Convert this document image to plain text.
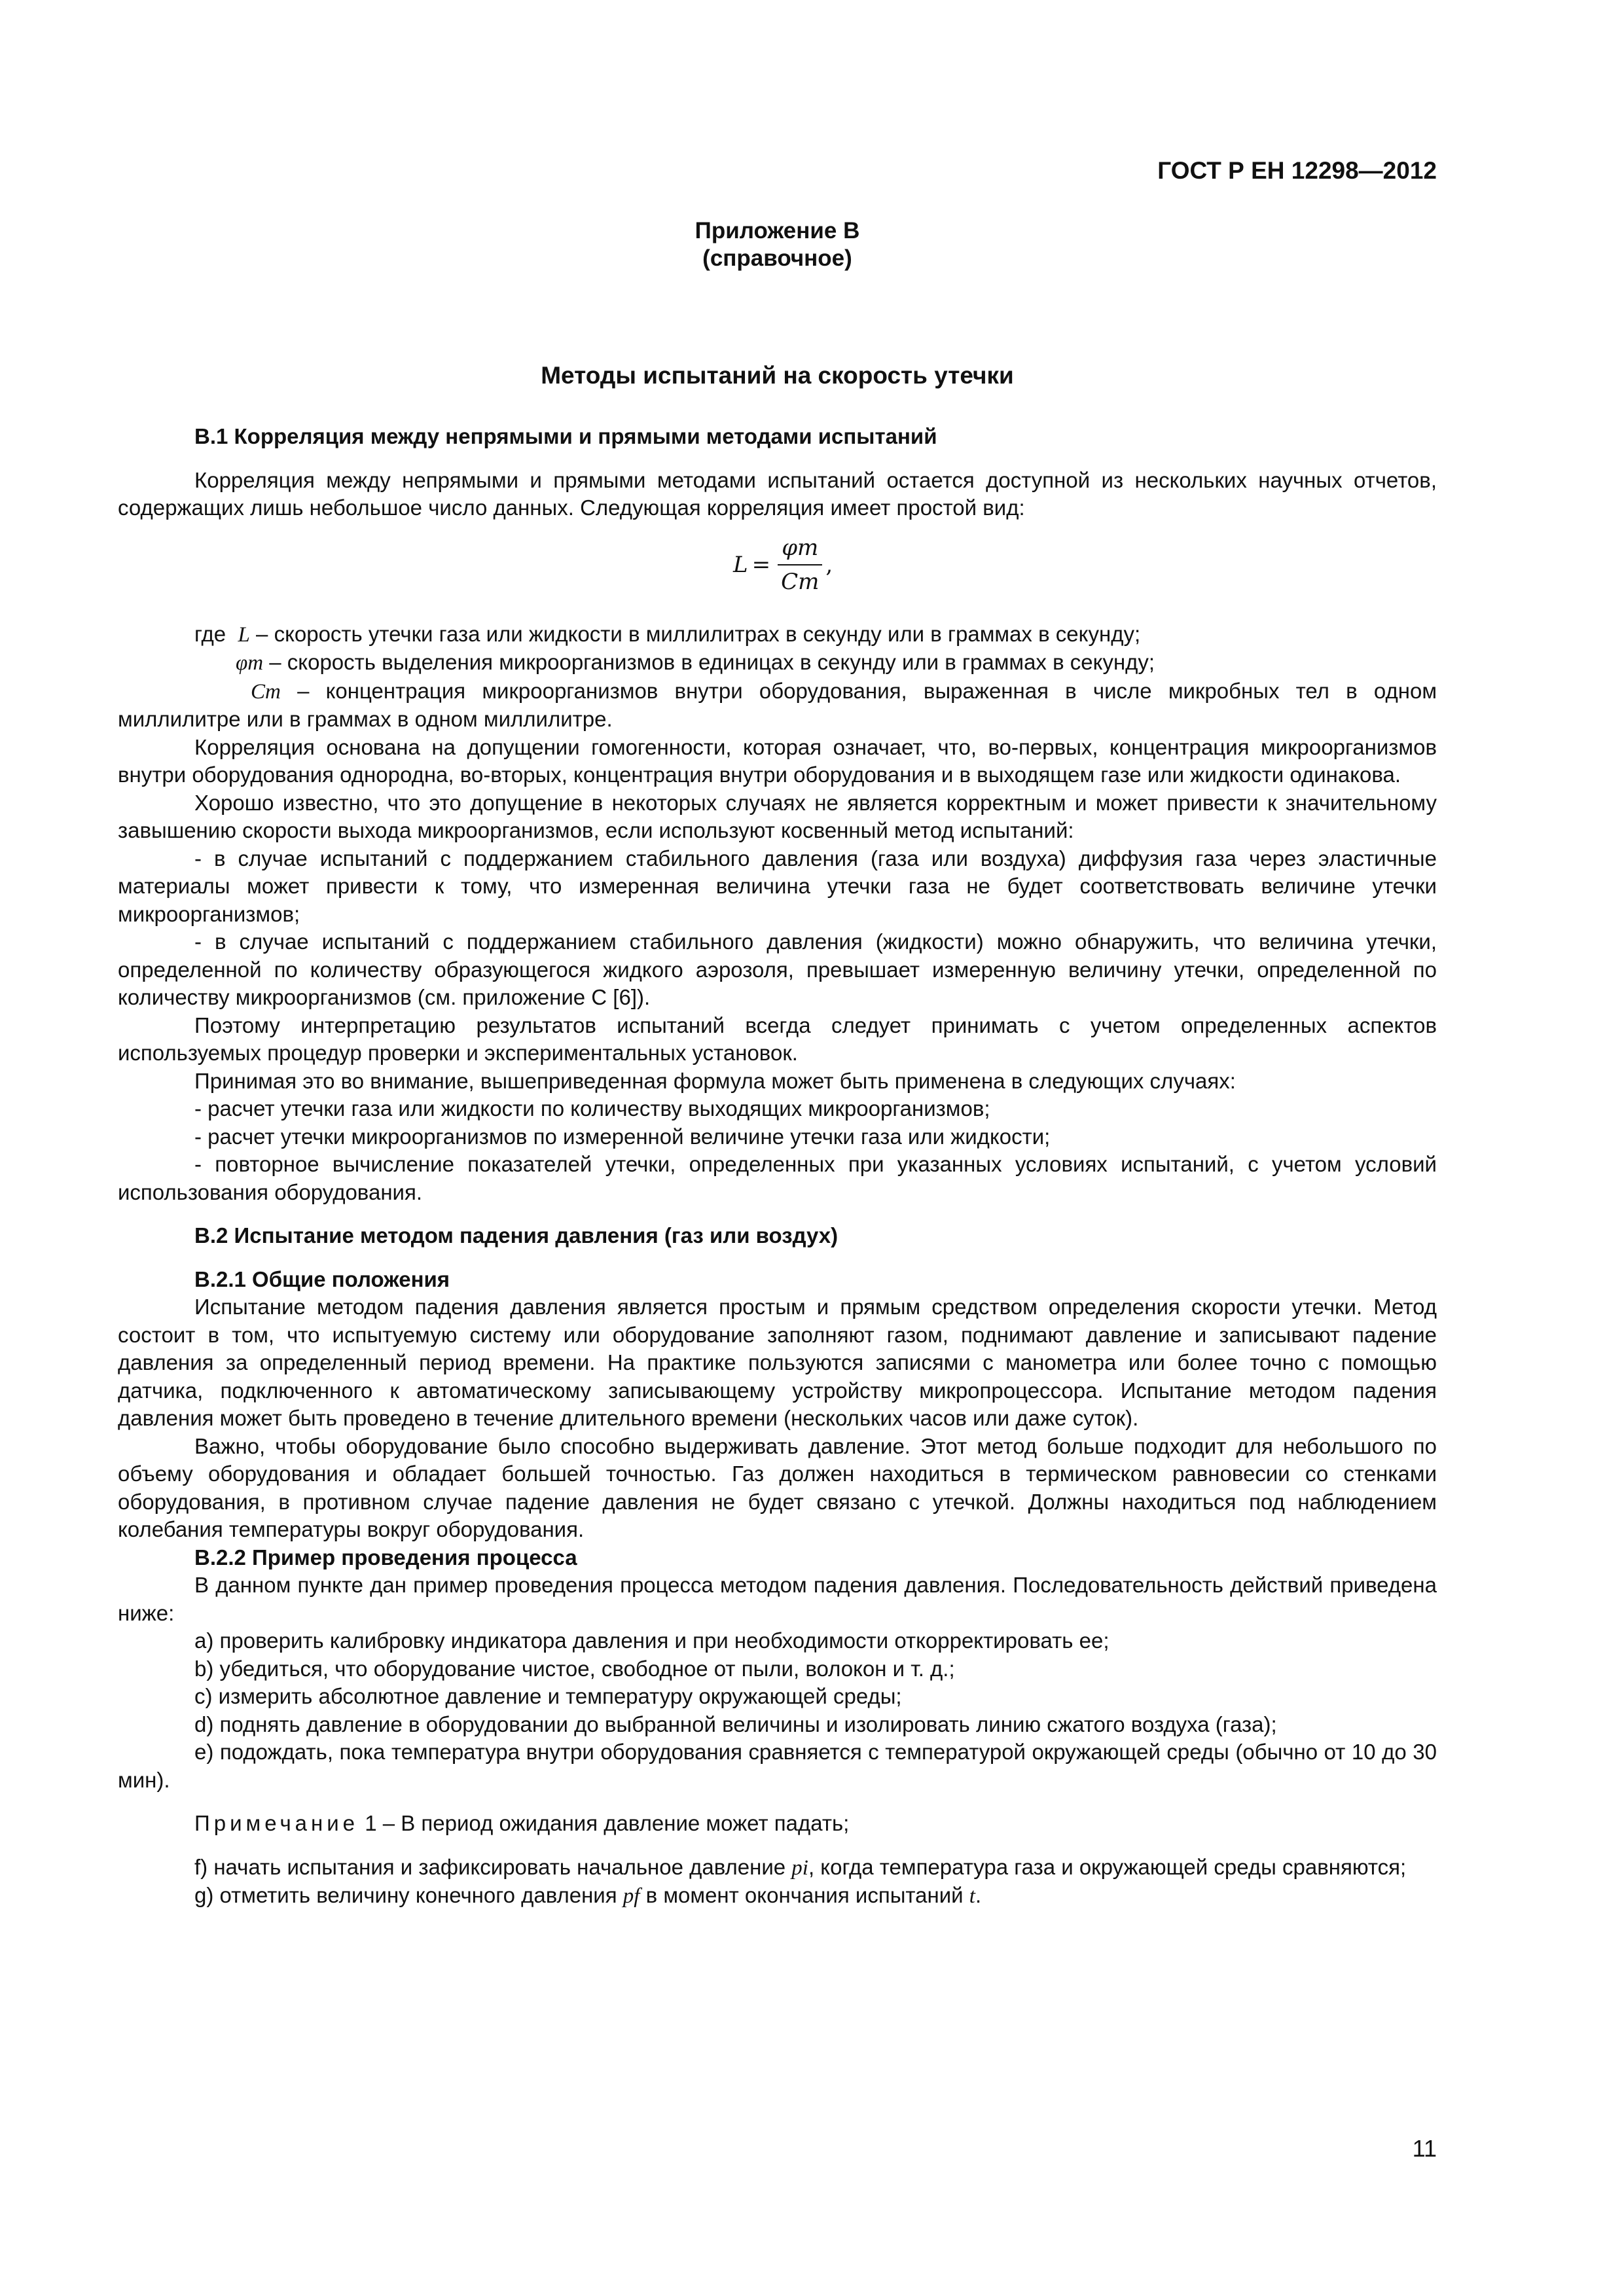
ГОСТ Р ЕН 12298—2012
Приложение B
(справочное)
Методы испытаний на скорость утечки

В.1 Корреляция между непрямыми и прямыми методами испытаний

Корреляция между непрямыми и прямыми методами испытаний остается доступной из нескольких научных отчетов, содержащих лишь небольшое число данных. Следующая корреляция имеет простой вид:

$L = \frac{\varphi m}{Cm}$ ,

где L – скорость утечки газа или жидкости в миллилитрах в секунду или в граммах в секунду;

φm – скорость выделения микроорганизмов в единицах в секунду или в граммах в секунду;

Cm – концентрация микроорганизмов внутри оборудования, выраженная в числе микробных тел в одном миллилитре или в граммах в одном миллилитре.

Корреляция основана на допущении гомогенности, которая означает, что, во-первых, концентрация микроорганизмов внутри оборудования однородна, во-вторых, концентрация внутри оборудования и в выходящем газе или жидкости одинакова.

Хорошо известно, что это допущение в некоторых случаях не является корректным и может привести к значительному завышению скорости выхода микроорганизмов, если используют косвенный метод испытаний:

- в случае испытаний с поддержанием стабильного давления (газа или воздуха) диффузия газа через эластичные материалы может привести к тому, что измеренная величина утечки газа не будет соответствовать величине утечки микроорганизмов;

- в случае испытаний с поддержанием стабильного давления (жидкости) можно обнаружить, что величина утечки, определенной по количеству образующегося жидкого аэрозоля, превышает измеренную величину утечки, определенной по количеству микроорганизмов (см. приложение С [6]).

Поэтому интерпретацию результатов испытаний всегда следует принимать с учетом определенных аспектов используемых процедур проверки и экспериментальных установок.

Принимая это во внимание, вышеприведенная формула может быть применена в следующих случаях:

- расчет утечки газа или жидкости по количеству выходящих микроорганизмов;

- расчет утечки микроорганизмов по измеренной величине утечки газа или жидкости;

- повторное вычисление показателей утечки, определенных при указанных условиях испытаний, с учетом условий использования оборудования.

В.2 Испытание методом падения давления (газ или воздух)

В.2.1 Общие положения

Испытание методом падения давления является простым и прямым средством определения скорости утечки. Метод состоит в том, что испытуемую систему или оборудование заполняют газом, поднимают давление и записывают падение давления за определенный период времени. На практике пользуются записями с манометра или более точно с помощью датчика, подключенного к автоматическому записывающему устройству микропроцессора. Испытание методом падения давления может быть проведено в течение длительного времени (нескольких часов или даже суток).

Важно, чтобы оборудование было способно выдерживать давление. Этот метод больше подходит для небольшого по объему оборудования и обладает большей точностью. Газ должен находиться в термическом равновесии со стенками оборудования, в противном случае падение давления не будет связано с утечкой. Должны находиться под наблюдением колебания температуры вокруг оборудования.

В.2.2 Пример проведения процесса

В данном пункте дан пример проведения процесса методом падения давления. Последовательность действий приведена ниже:

a) проверить калибровку индикатора давления и при необходимости откорректировать ее;

b) убедиться, что оборудование чистое, свободное от пыли, волокон и т. д.;

c) измерить абсолютное давление и температуру окружающей среды;

d) поднять давление в оборудовании до выбранной величины и изолировать линию сжатого воздуха (газа);

e) подождать, пока температура внутри оборудования сравняется с температурой окружающей среды (обычно от 10 до 30 мин).

Примечание 1 – В период ожидания давление может падать;

f) начать испытания и зафиксировать начальное давление pi, когда температура газа и окружающей среды сравняются;

g) отметить величину конечного давления pf в момент окончания испытаний t.

11
